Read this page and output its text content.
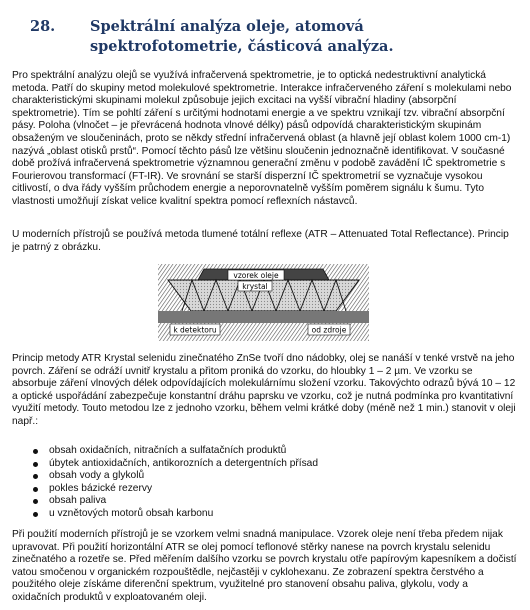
28.	Spektrální analýza oleje, atomová spektrofotometrie, částicová analýza.

Pro spektrální analýzu olejů se využívá infračervená spektrometrie, je to optická nedestruktivní analytická metoda. Patří do skupiny metod molekulové spektrometrie. Interakce infračerveného záření s molekulami nebo charakteristickými skupinami molekul způsobuje jejich excitaci na vyšší vibrační hladiny (absorpční spektrometrie). Tím se pohltí záření s určitými hodnotami energie a ve spektru vznikají tzv. vibrační absorpční pásy. Poloha (vlnočet – je převrácená hodnota vlnové délky) pásů odpovídá charakteristickým skupinám obsaženým ve sloučeninách, proto se někdy střední infračervená oblast (a hlavně její oblast kolem 1000 cm-1) nazývá „oblast otisků prstů“. Pomocí těchto pásů lze většinu sloučenin jednoznačně identifikovat. V současné době prožívá infračervená spektrometrie významnou generační změnu v podobě zavádění IČ spektrometrie s Fourierovou transformací (FT-IR). Ve srovnání se starší disperzní IČ spektrometrií se vyznačuje vysokou citlivostí, o dva řády vyšším průchodem energie a neporovnatelně vyšším poměrem signálu k šumu. Tyto vlastnosti umožňují získat velice kvalitní spektra pomocí reflexních nástavců.

U moderních přístrojů se používá metoda tlumené totální reflexe (ATR – Attenuated Total Reflectance). Princip je patrný z obrázku.

vzorek oleje
krystal
k detektoru	od zdroje

Princip metody ATR Krystal selenidu zinečnatého ZnSe tvoří dno nádobky, olej se nanáší v tenké vrstvě na jeho povrch. Záření se odráží uvnitř krystalu a přitom proniká do vzorku, do hloubky 1 – 2 µm. Ve vzorku se absorbuje záření vlnových délek odpovídajících molekulárnímu složení vzorku. Takovýchto odrazů bývá 10 – 12 a optické uspořádání zabezpečuje konstantní dráhu paprsku ve vzorku, což je nutná podmínka pro kvantitativní využití metody. Touto metodou lze z jednoho vzorku, během velmi krátké doby (méně než 1 min.) stanovit v oleji např.:

obsah oxidačních, nitračních a sulfatačních produktů
úbytek antioxidačních, antikorozních a detergentních přísad
obsah vody a glykolů
pokles bázické rezervy
obsah paliva
u vznětových motorů obsah karbonu

Při použití moderních přístrojů je se vzorkem velmi snadná manipulace. Vzorek oleje není třeba předem nijak upravovat. Při použití horizontální ATR se olej pomocí teflonové stěrky nanese na povrch krystalu selenidu zinečnatého a rozetře se. Před měřením dalšího vzorku se povrch krystalu otře papírovým kapesníkem a dočistí vatou smočenou v organickém rozpouštědle, nejčastěji v cyklohexanu. Ze zobrazení spektra čerstvého a použitého oleje získáme diferenční spektrum, využitelné pro stanovení obsahu paliva, glykolu, vody a oxidačních produktů v exploatovaném oleji.
